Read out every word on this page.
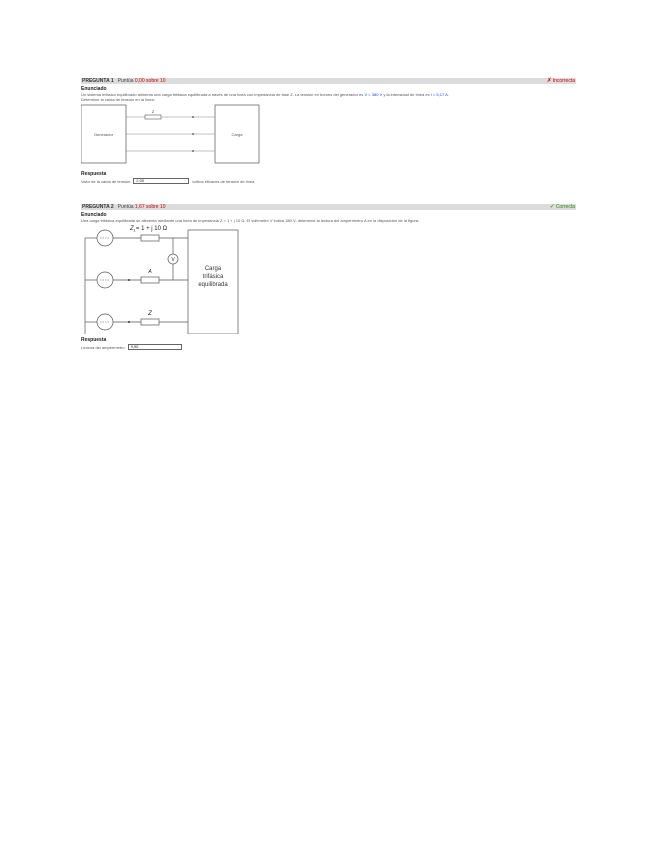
PREGUNTA 1 Puntúa 0,00 sobre 10	✗ Incorrecta
Enunciado
Un sistema trifásico equilibrado alimenta una carga trifásica equilibrada a través de una línea con impedancia de fase Z. La tensión en bornes del generador es V = 380 V y la intensidad de línea es I = 5,17 A.
Determine la caída de tensión en la línea:
Generador	Carga
Z
Respuesta
Valor de la caída de tensión
2,00	voltios eficaces de tensión de línea
PREGUNTA 2 Puntúa 1,67 sobre 10	✓ Correcta
Enunciado
Una carga trifásica equilibrada se alimenta mediante una línea de impedancia Z = 1 + j 10 Ω. El voltímetro V indica 380 V; determine la lectura del amperímetro A en la disposición de la figura:
$Z_L= 1 + j$ 10 Ω
A
Z
V
Carga
trifásica
equilibrada
Respuesta
Lectura del amperímetro
9,90
